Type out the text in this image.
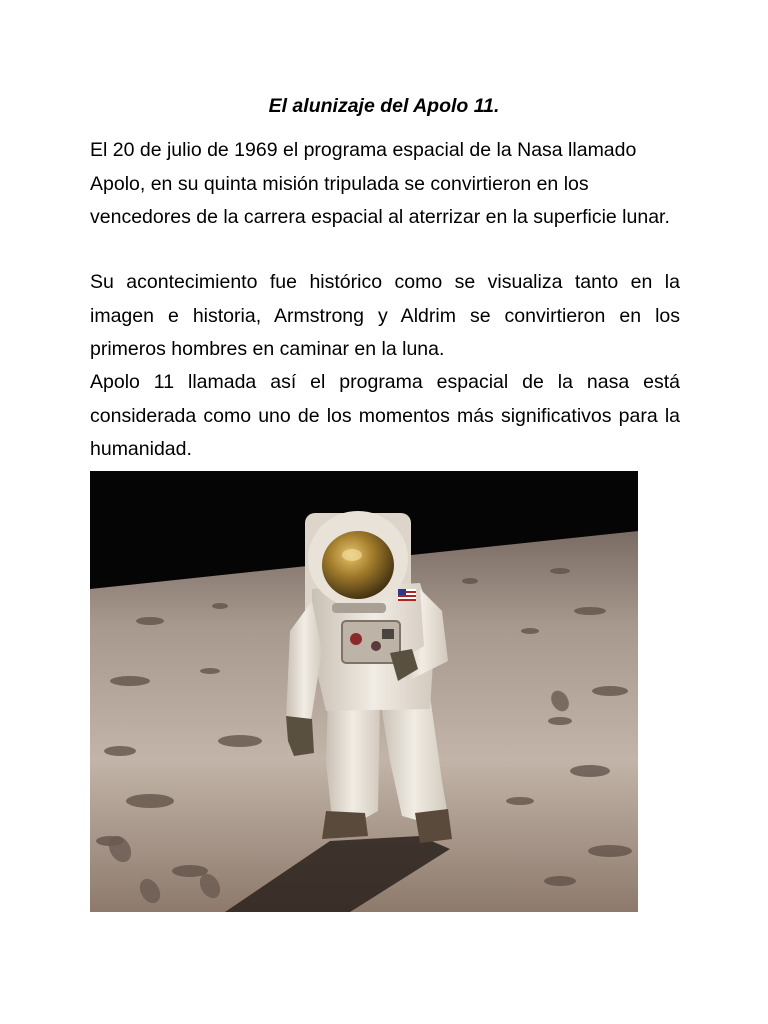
El alunizaje del Apolo 11.

El 20 de julio de 1969 el programa espacial de la Nasa llamado Apolo, en su quinta misión tripulada se convirtieron en los vencedores de la carrera espacial al aterrizar en la superficie lunar.

Su acontecimiento fue histórico como se visualiza tanto en la imagen e historia, Armstrong y Aldrim se convirtieron en los primeros hombres en caminar en la luna.

Apolo 11 llamada así el programa espacial de la nasa está considerada como uno de los momentos más significativos para la humanidad.
